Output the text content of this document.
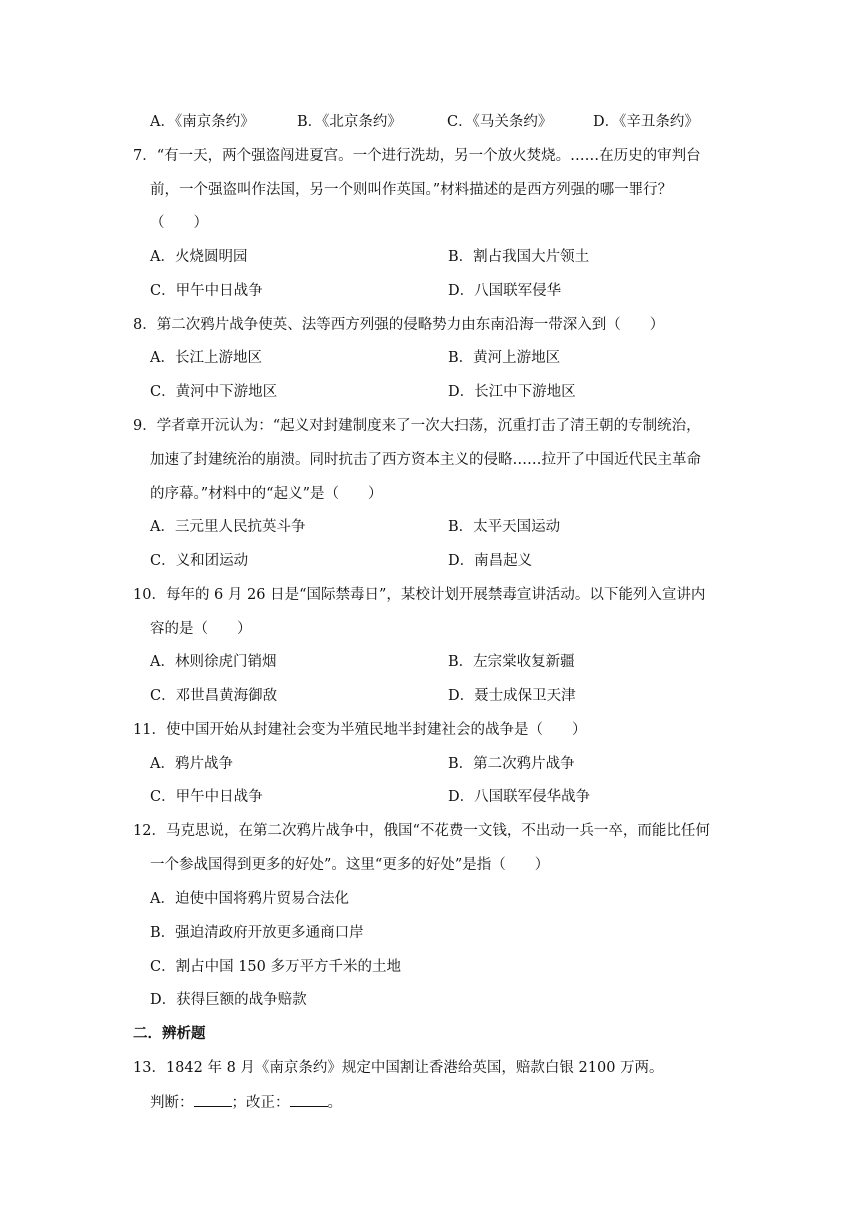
A．《南京条约》	B．《北京条约》	C．《马关条约》	D．《辛丑条约》
7．“有一天，两个强盗闯进夏宫。一个进行洗劫，另一个放火焚烧。……在历史的审判台
前，一个强盗叫作法国，另一个则叫作英国。”材料描述的是西方列强的哪一罪行？
（　　）
A．火烧圆明园	B．割占我国大片领土
C．甲午中日战争	D．八国联军侵华
8．第二次鸦片战争使英、法等西方列强的侵略势力由东南沿海一带深入到（　　）
A．长江上游地区	B．黄河上游地区
C．黄河中下游地区	D．长江中下游地区
9．学者章开沅认为：“起义对封建制度来了一次大扫荡，沉重打击了清王朝的专制统治，
加速了封建统治的崩溃。同时抗击了西方资本主义的侵略……拉开了中国近代民主革命
的序幕。”材料中的“起义”是（　　）
A．三元里人民抗英斗争	B．太平天国运动
C．义和团运动	D．南昌起义
10．每年的 6 月 26 日是“国际禁毒日”，某校计划开展禁毒宣讲活动。以下能列入宣讲内
容的是（　　）
A．林则徐虎门销烟	B．左宗棠收复新疆
C．邓世昌黄海御敌	D．聂士成保卫天津
11．使中国开始从封建社会变为半殖民地半封建社会的战争是（　　）
A．鸦片战争	B．第二次鸦片战争
C．甲午中日战争	D．八国联军侵华战争
12．马克思说，在第二次鸦片战争中，俄国“不花费一文钱，不出动一兵一卒，而能比任何
一个参战国得到更多的好处”。这里“更多的好处”是指（　　）
A．迫使中国将鸦片贸易合法化
B．强迫清政府开放更多通商口岸
C．割占中国 150 多万平方千米的土地
D．获得巨额的战争赔款
二．辨析题
13．1842 年 8 月《南京条约》规定中国割让香港给英国，赔款白银 2100 万两。
判断：	；改正：	。
